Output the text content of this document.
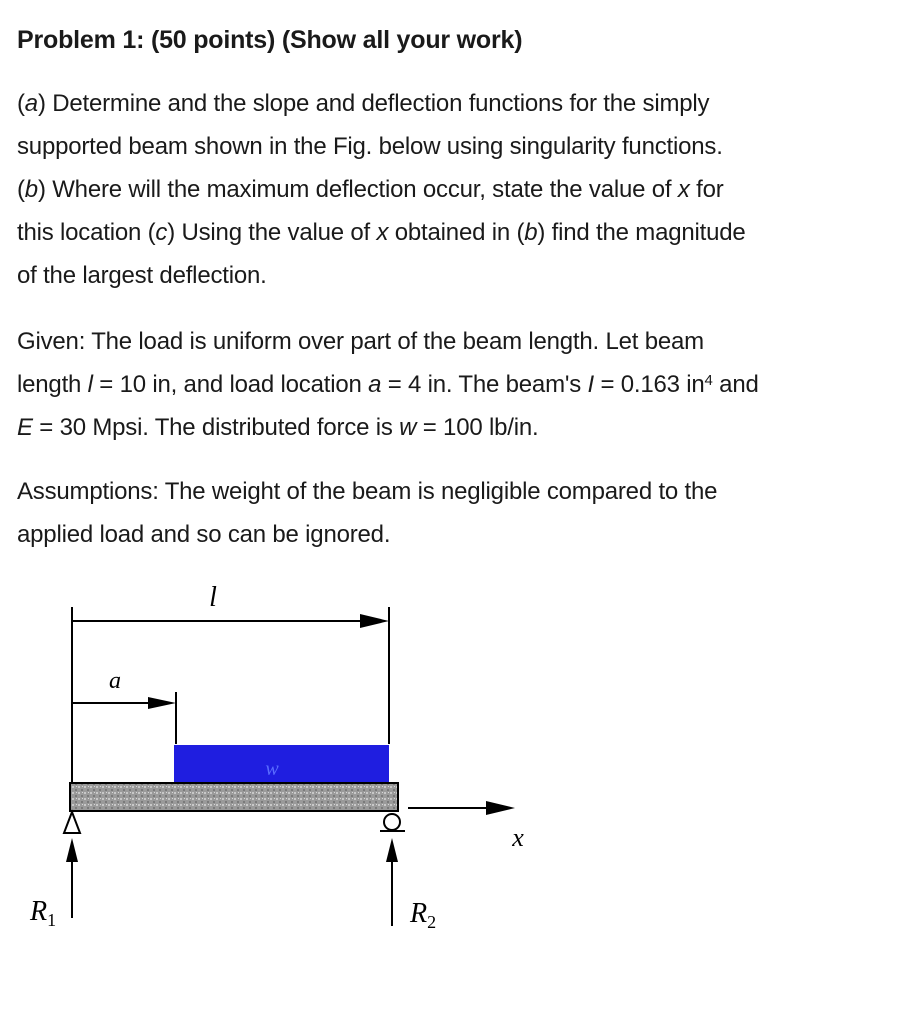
Problem 1: (50 points) (Show all your work)
(a) Determine and the slope and deflection functions for the simply
supported beam shown in the Fig. below using singularity functions.
(b) Where will the maximum deflection occur, state the value of x for
this location (c) Using the value of x obtained in (b) find the magnitude
of the largest deflection.
Given: The load is uniform over part of the beam length. Let beam
length l = 10 in, and load location a = 4 in. The beam's I = 0.163 $in^4$ and
E = 30 Mpsi. The distributed force is w = 100 lb/in.
Assumptions: The weight of the beam is negligible compared to the
applied load and so can be ignored.
l
a
w
$R_1$	$R_2$
x
